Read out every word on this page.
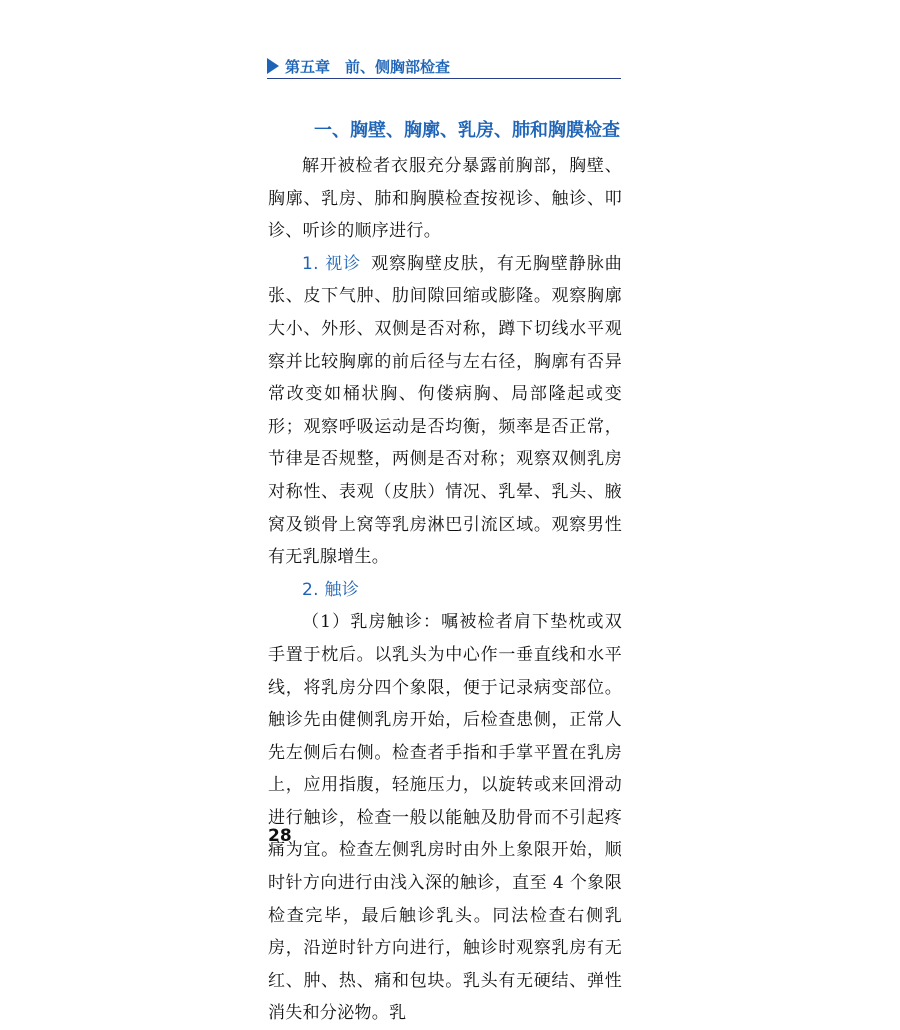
第五章　前、侧胸部检查
一、胸壁、胸廓、乳房、肺和胸膜检查

解开被检者衣服充分暴露前胸部，胸壁、胸廓、乳房、肺和胸膜检查按视诊、触诊、叩诊、听诊的顺序进行。

1. 视诊 观察胸壁皮肤，有无胸壁静脉曲张、皮下气肿、肋间隙回缩或膨隆。观察胸廓大小、外形、双侧是否对称，蹲下切线水平观察并比较胸廓的前后径与左右径，胸廓有否异常改变如桶状胸、佝偻病胸、局部隆起或变形；观察呼吸运动是否均衡，频率是否正常，节律是否规整，两侧是否对称；观察双侧乳房对称性、表观（皮肤）情况、乳晕、乳头、腋窝及锁骨上窝等乳房淋巴引流区域。观察男性有无乳腺增生。

2. 触诊

（1）乳房触诊：嘱被检者肩下垫枕或双手置于枕后。以乳头为中心作一垂直线和水平线，将乳房分四个象限，便于记录病变部位。触诊先由健侧乳房开始，后检查患侧，正常人先左侧后右侧。检查者手指和手掌平置在乳房上，应用指腹，轻施压力，以旋转或来回滑动进行触诊，检查一般以能触及肋骨而不引起疼痛为宜。检查左侧乳房时由外上象限开始，顺时针方向进行由浅入深的触诊，直至 4 个象限检查完毕，最后触诊乳头。同法检查右侧乳房，沿逆时针方向进行，触诊时观察乳房有无红、肿、热、痛和包块。乳头有无硬结、弹性消失和分泌物。乳

28
